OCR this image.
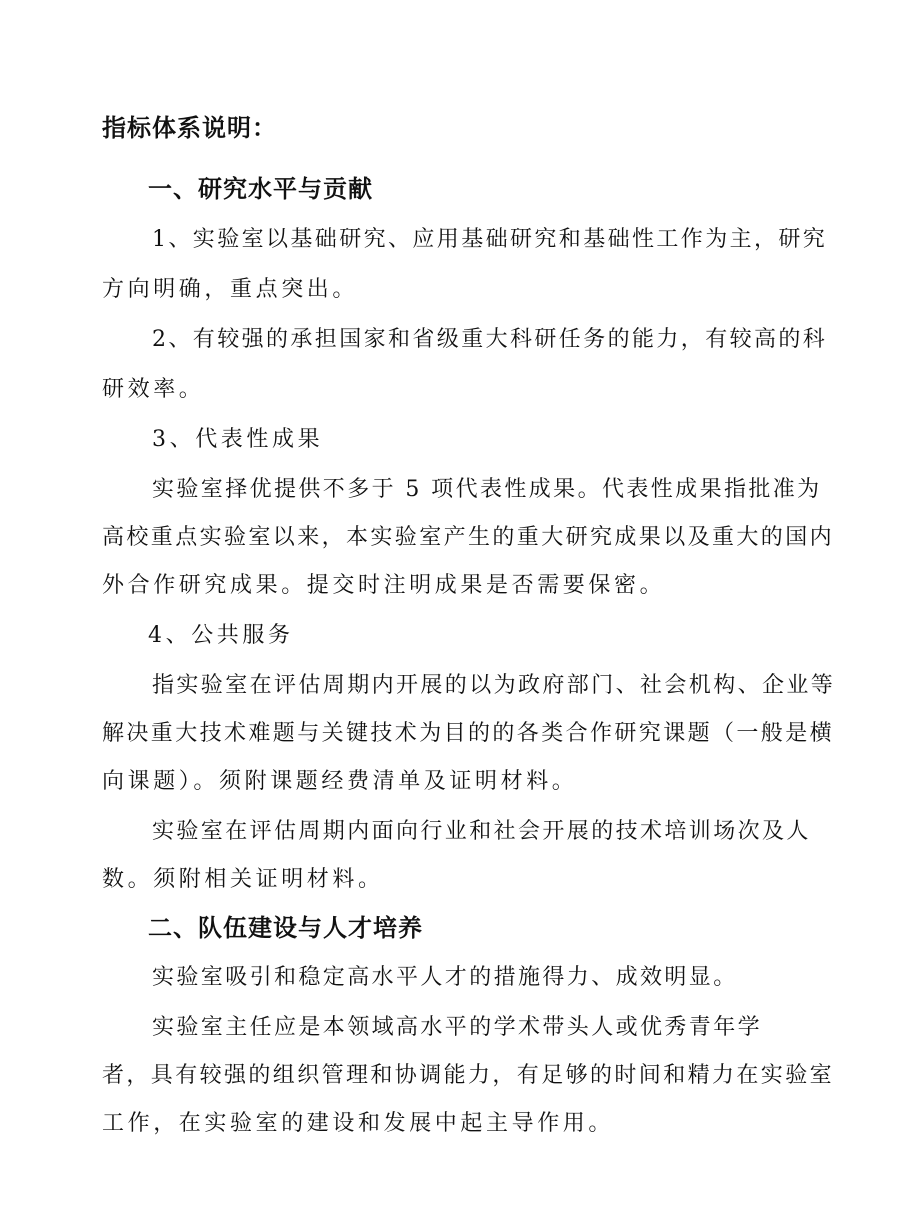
指标体系说明：

一、研究水平与贡献

1、实验室以基础研究、应用基础研究和基础性工作为主，研究

方向明确，重点突出。

2、有较强的承担国家和省级重大科研任务的能力，有较高的科

研效率。

3、代表性成果

实验室择优提供不多于 5 项代表性成果。代表性成果指批准为

高校重点实验室以来，本实验室产生的重大研究成果以及重大的国内

外合作研究成果。提交时注明成果是否需要保密。

4、公共服务

指实验室在评估周期内开展的以为政府部门、社会机构、企业等

解决重大技术难题与关键技术为目的的各类合作研究课题（一般是横

向课题）。须附课题经费清单及证明材料。

实验室在评估周期内面向行业和社会开展的技术培训场次及人

数。须附相关证明材料。

二、队伍建设与人才培养

实验室吸引和稳定高水平人才的措施得力、成效明显。

实验室主任应是本领域高水平的学术带头人或优秀青年学

者，具有较强的组织管理和协调能力，有足够的时间和精力在实验室

工作，在实验室的建设和发展中起主导作用。
